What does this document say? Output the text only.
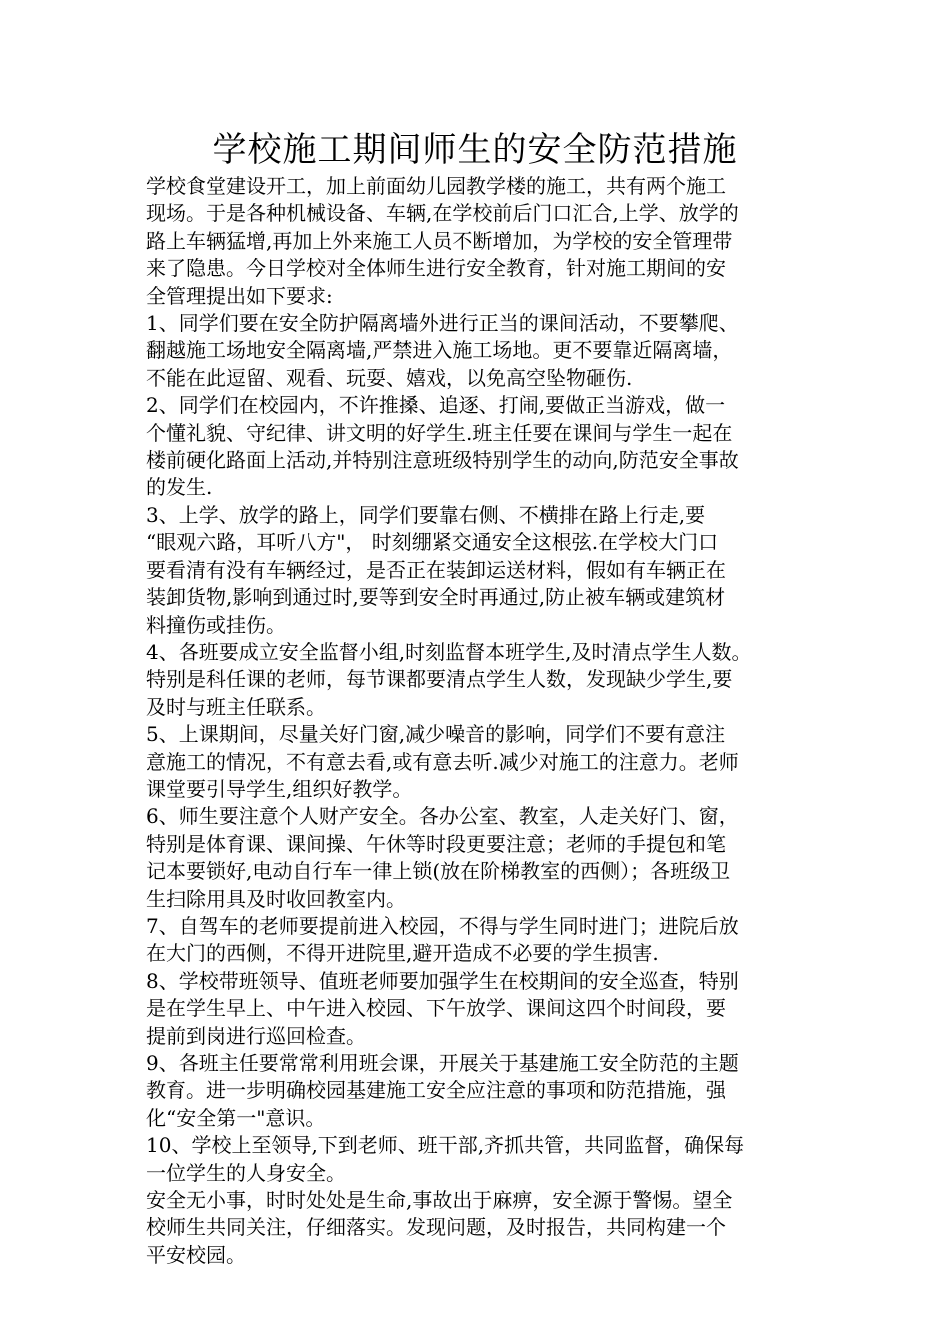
学校施工期间师生的安全防范措施
学校食堂建设开工，加上前面幼儿园教学楼的施工，共有两个施工
现场。于是各种机械设备、车辆,在学校前后门口汇合,上学、放学的
路上车辆猛增,再加上外来施工人员不断增加，为学校的安全管理带
来了隐患。今日学校对全体师生进行安全教育，针对施工期间的安
全管理提出如下要求:
1、同学们要在安全防护隔离墙外进行正当的课间活动，不要攀爬、
翻越施工场地安全隔离墙,严禁进入施工场地。更不要靠近隔离墙，
不能在此逗留、观看、玩耍、嬉戏，以免高空坠物砸伤.
2、同学们在校园内，不许推搡、追逐、打闹,要做正当游戏，做一
个懂礼貌、守纪律、讲文明的好学生.班主任要在课间与学生一起在
楼前硬化路面上活动,并特别注意班级特别学生的动向,防范安全事故
的发生.
3、上学、放学的路上，同学们要靠右侧、不横排在路上行走,要
“眼观六路，耳听八方"， 时刻绷紧交通安全这根弦.在学校大门口
要看清有没有车辆经过，是否正在装卸运送材料，假如有车辆正在
装卸货物,影响到通过时,要等到安全时再通过,防止被车辆或建筑材
料撞伤或挂伤。
4、各班要成立安全监督小组,时刻监督本班学生,及时清点学生人数。
特别是科任课的老师，每节课都要清点学生人数，发现缺少学生,要
及时与班主任联系。
5、上课期间，尽量关好门窗,减少噪音的影响，同学们不要有意注
意施工的情况，不有意去看,或有意去听.减少对施工的注意力。老师
课堂要引导学生,组织好教学。
6、师生要注意个人财产安全。各办公室、教室，人走关好门、窗，
特别是体育课、课间操、午休等时段更要注意；老师的手提包和笔
记本要锁好,电动自行车一律上锁(放在阶梯教室的西侧）；各班级卫
生扫除用具及时收回教室内。
7、自驾车的老师要提前进入校园，不得与学生同时进门；进院后放
在大门的西侧，不得开进院里,避开造成不必要的学生损害.
8、学校带班领导、值班老师要加强学生在校期间的安全巡查，特别
是在学生早上、中午进入校园、下午放学、课间这四个时间段，要
提前到岗进行巡回检查。
9、各班主任要常常利用班会课，开展关于基建施工安全防范的主题
教育。进一步明确校园基建施工安全应注意的事项和防范措施，强
化“安全第一"意识。
10、学校上至领导,下到老师、班干部,齐抓共管，共同监督，确保每
一位学生的人身安全。
安全无小事，时时处处是生命,事故出于麻痹，安全源于警惕。望全
校师生共同关注，仔细落实。发现问题，及时报告，共同构建一个
平安校园。
